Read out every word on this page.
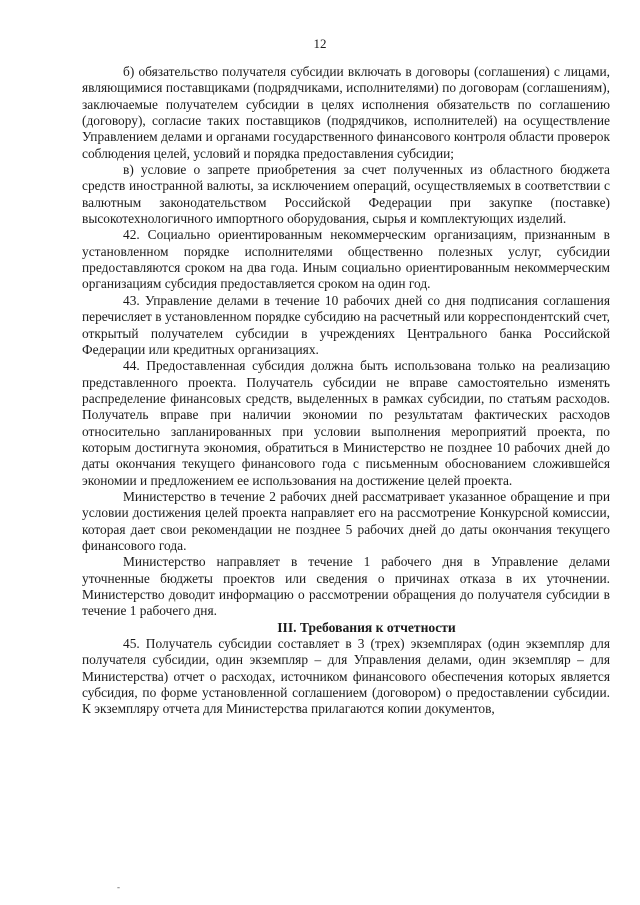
12

б) обязательство получателя субсидии включать в договоры (соглашения) с лицами, являющимися поставщиками (подрядчиками, исполнителями) по договорам (соглашениям), заключаемые получателем субсидии в целях исполнения обязательств по соглашению (договору), согласие таких поставщиков (подрядчиков, исполнителей) на осуществление Управлением делами и органами государственного финансового контроля области проверок соблюдения целей, условий и порядка предоставления субсидии;

в) условие о запрете приобретения за счет полученных из областного бюджета средств иностранной валюты, за исключением операций, осуществляемых в соответствии с валютным законодательством Российской Федерации при закупке (поставке) высокотехнологичного импортного оборудования, сырья и комплектующих изделий.

42. Социально ориентированным некоммерческим организациям, признанным в установленном порядке исполнителями общественно полезных услуг, субсидии предоставляются сроком на два года. Иным социально ориентированным некоммерческим организациям субсидия предоставляется сроком на один год.

43. Управление делами в течение 10 рабочих дней со дня подписания соглашения перечисляет в установленном порядке субсидию на расчетный или корреспондентский счет, открытый получателем субсидии в учреждениях Центрального банка Российской Федерации или кредитных организациях.

44. Предоставленная субсидия должна быть использована только на реализацию представленного проекта. Получатель субсидии не вправе самостоятельно изменять распределение финансовых средств, выделенных в рамках субсидии, по статьям расходов. Получатель вправе при наличии экономии по результатам фактических расходов относительно запланированных при условии выполнения мероприятий проекта, по которым достигнута экономия, обратиться в Министерство не позднее 10 рабочих дней до даты окончания текущего финансового года с письменным обоснованием сложившейся экономии и предложением ее использования на достижение целей проекта.

Министерство в течение 2 рабочих дней рассматривает указанное обращение и при условии достижения целей проекта направляет его на рассмотрение Конкурсной комиссии, которая дает свои рекомендации не позднее 5 рабочих дней до даты окончания текущего финансового года.

Министерство направляет в течение 1 рабочего дня в Управление делами уточненные бюджеты проектов или сведения о причинах отказа в их уточнении. Министерство доводит информацию о рассмотрении обращения до получателя субсидии в течение 1 рабочего дня.

III. Требования к отчетности

45. Получатель субсидии составляет в 3 (трех) экземплярах (один экземпляр для получателя субсидии, один экземпляр – для Управления делами, один экземпляр – для Министерства) отчет о расходах, источником финансового обеспечения которых является субсидия, по форме установленной соглашением (договором) о предоставлении субсидии. К экземпляру отчета для Министерства прилагаются копии документов,

-
